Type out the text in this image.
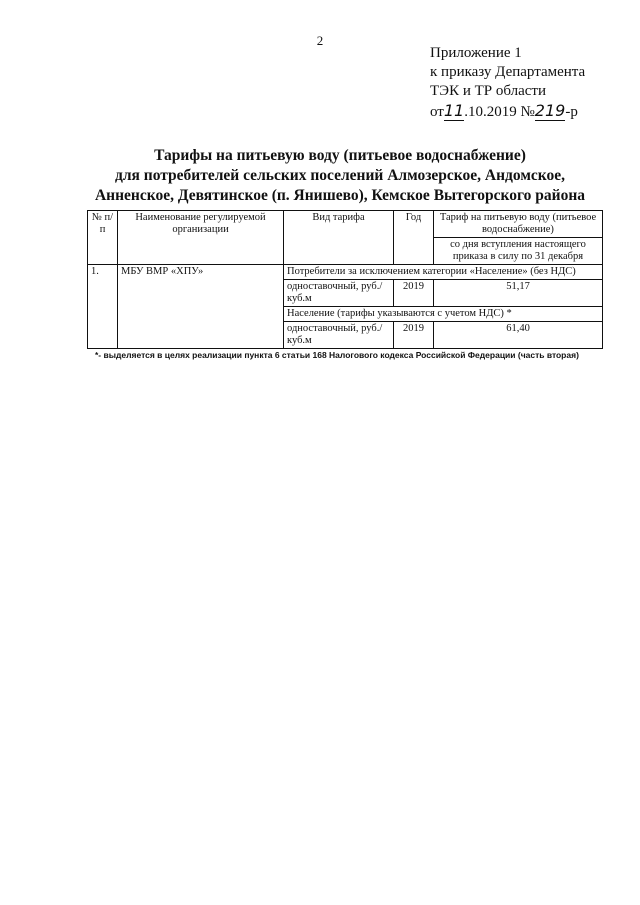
2
Приложение 1
к приказу Департамента
ТЭК и ТР области
от11.10.2019 №219-р
Тарифы на питьевую воду (питьевое водоснабжение)
для потребителей сельских поселений Алмозерское, Андомское,
Анненское, Девятинское (п. Янишево), Кемское Вытегорского района
№ п/п	Наименование регулируемой организации	Вид тарифа	Год	Тариф на питьевую воду (питьевое водоснабжение)
				со дня вступления настоящего приказа в силу по 31 декабря
1.	МБУ ВМР «ХПУ»	Потребители за исключением категории «Население» (без НДС)		
		одноставочный, руб./куб.м	2019	51,17
		Население (тарифы указываются с учетом НДС) *		
		одноставочный, руб./куб.м	2019	61,40
*- выделяется в целях реализации пункта 6 статьи 168 Налогового кодекса Российской Федерации (часть вторая)
